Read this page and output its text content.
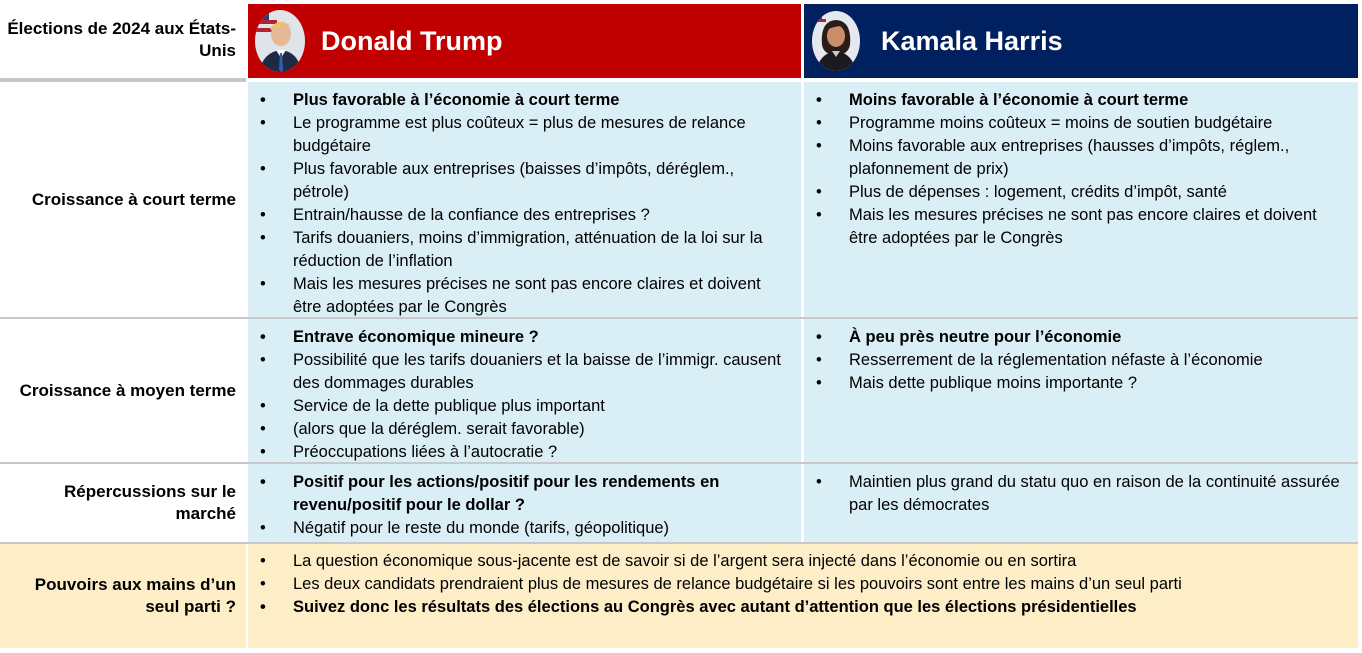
Élections de 2024 aux États-Unis	Donald Trump	Kamala Harris
Croissance à court terme
• Plus favorable à l’économie à court terme
• Le programme est plus coûteux = plus de mesures de relance budgétaire
• Plus favorable aux entreprises (baisses d’impôts, déréglem., pétrole)
• Entrain/hausse de la confiance des entreprises ?
• Tarifs douaniers, moins d’immigration, atténuation de la loi sur la réduction de l’inflation
• Mais les mesures précises ne sont pas encore claires et doivent être adoptées par le Congrès
• Moins favorable à l’économie à court terme
• Programme moins coûteux = moins de soutien budgétaire
• Moins favorable aux entreprises (hausses d’impôts, réglem., plafonnement de prix)
• Plus de dépenses : logement, crédits d’impôt, santé
• Mais les mesures précises ne sont pas encore claires et doivent être adoptées par le Congrès
Croissance à moyen terme
• Entrave économique mineure ?
• Possibilité que les tarifs douaniers et la baisse de l’immigr. causent des dommages durables
• Service de la dette publique plus important
• (alors que la déréglem. serait favorable)
• Préoccupations liées à l’autocratie ?
• À peu près neutre pour l’économie
• Resserrement de la réglementation néfaste à l’économie
• Mais dette publique moins importante ?
Répercussions sur le marché
• Positif pour les actions/positif pour les rendements en revenu/positif pour le dollar ?
• Négatif pour le reste du monde (tarifs, géopolitique)
• Maintien plus grand du statu quo en raison de la continuité assurée par les démocrates
Pouvoirs aux mains d’un seul parti ?
• La question économique sous-jacente est de savoir si de l’argent sera injecté dans l’économie ou en sortira
• Les deux candidats prendraient plus de mesures de relance budgétaire si les pouvoirs sont entre les mains d’un seul parti
• Suivez donc les résultats des élections au Congrès avec autant d’attention que les élections présidentielles
